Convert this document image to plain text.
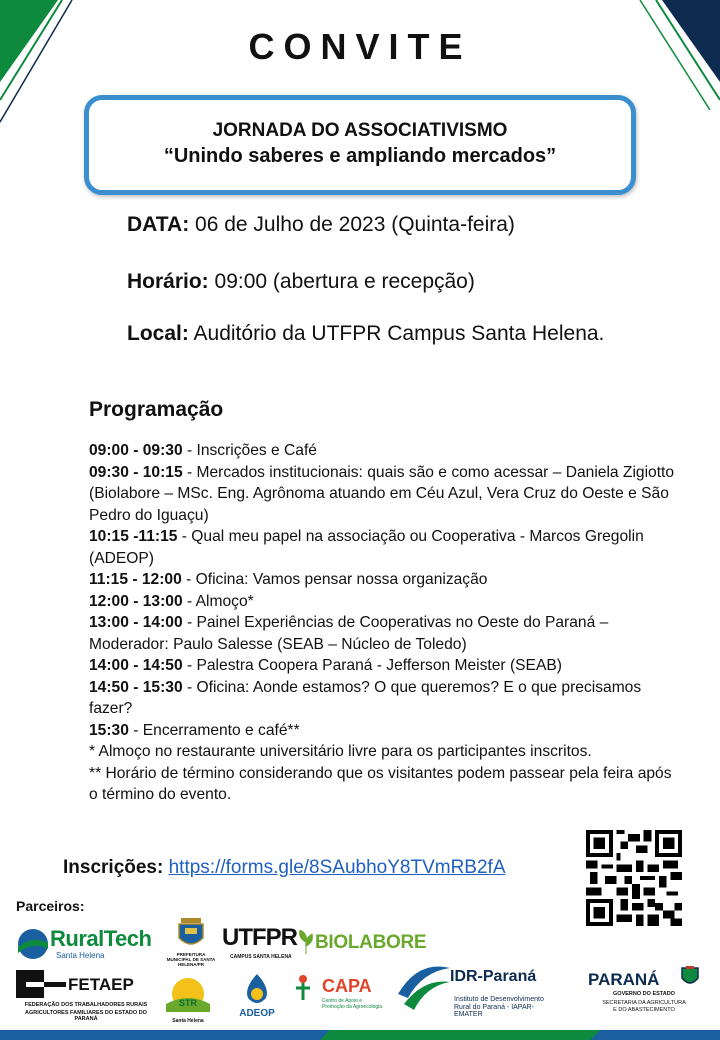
CONVITE
JORNADA DO ASSOCIATIVISMO
“Unindo saberes e ampliando mercados”
DATA: 06 de Julho de 2023 (Quinta-feira)
Horário: 09:00 (abertura e recepção)
Local: Auditório da UTFPR Campus Santa Helena.
Programação

09:00 - 09:30 - Inscrições e Café

09:30 - 10:15 - Mercados institucionais: quais são e como acessar – Daniela Zigiotto (Biolabore – MSc. Eng. Agrônoma atuando em Céu Azul, Vera Cruz do Oeste e São Pedro do Iguaçu)

10:15 -11:15 - Qual meu papel na associação ou Cooperativa - Marcos Gregolin (ADEOP)

11:15 - 12:00 - Oficina: Vamos pensar nossa organização

12:00 - 13:00 - Almoço*

13:00 - 14:00 - Painel Experiências de Cooperativas no Oeste do Paraná – Moderador: Paulo Salesse (SEAB – Núcleo de Toledo)

14:00 - 14:50 - Palestra Coopera Paraná - Jefferson Meister (SEAB)

14:50 - 15:30 - Oficina: Aonde estamos? O que queremos? E o que precisamos fazer?

15:30 - Encerramento e café**

* Almoço no restaurante universitário livre para os participantes inscritos.

** Horário de término considerando que os visitantes podem passear pela feira após o término do evento.

Inscrições: https://forms.gle/8SAubhoY8TVmRB2fA
Parceiros:
RuralTech
Santa Helena	PREFEITURA MUNICIPAL DE SANTA HELENA/PR
UTFPR
CAMPUS SANTA HELENA
BIOLABORE
FETAEP
FEDERAÇÃO DOS TRABALHADORES RURAIS
AGRICULTORES FAMILIARES DO ESTADO DO PARANÁ
STR
Santa Helena
ADEOP
CAPA
Centro de Apoio e Promoção da Agroecologia
IDR-Paraná
Instituto de Desenvolvimento
Rural do Paraná - IAPAR-EMATER
PARANÁ
GOVERNO DO ESTADO
SECRETARIA DA AGRICULTURA
E DO ABASTECIMENTO
